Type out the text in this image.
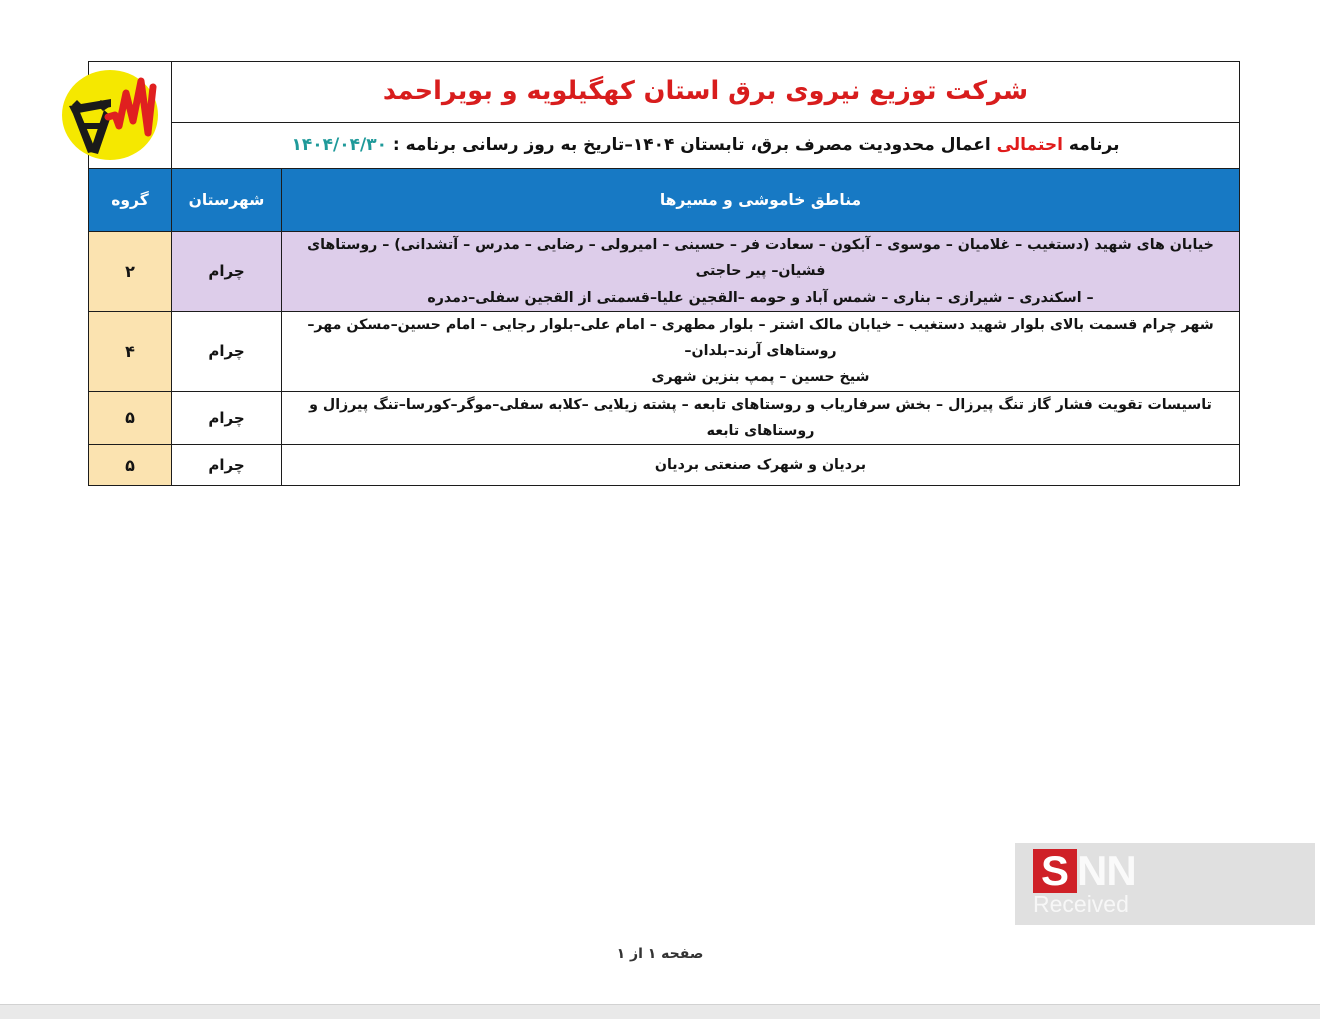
شرکت توزیع نیروی برق استان کهگیلویه و بویراحمد

برنامه احتمالی اعمال محدودیت مصرف برق، تابستان ۱۴۰۴–تاریخ به روز رسانی برنامه : ۱۴۰۴/۰۴/۳۰		

مناطق خاموشی و مسیرها	شهرستان	گروه

خیابان های شهید (دستغیب – غلامیان – موسوی – آبکون – سعادت فر – حسینی – امیرولی – رضایی – مدرس – آتشدانی) – روستاهای فشیان– پیر حاجتی
– اسکندری – شیرازی – بناری – شمس آباد و حومه –القجین علیا–قسمتی از القجین سفلی–دمدره	چرام	۲

شهر چرام قسمت بالای بلوار شهید دستغیب – خیابان مالک اشتر – بلوار مطهری – امام علی–بلوار رجایی – امام حسین–مسکن مهر–روستاهای آرند–بلدان–
شیخ حسین – پمپ بنزین شهری	چرام	۴

تاسیسات تقویت فشار گاز تنگ پیرزال – بخش سرفاریاب و روستاهای تابعه – پشته زیلایی –کلابه سفلی–موگر–کورسا–تنگ پیرزال و روستاهای تابعه	چرام	۵

بردیان و شهرک صنعتی بردیان	چرام	۵
S NN
Received
صفحه ۱ از ۱
